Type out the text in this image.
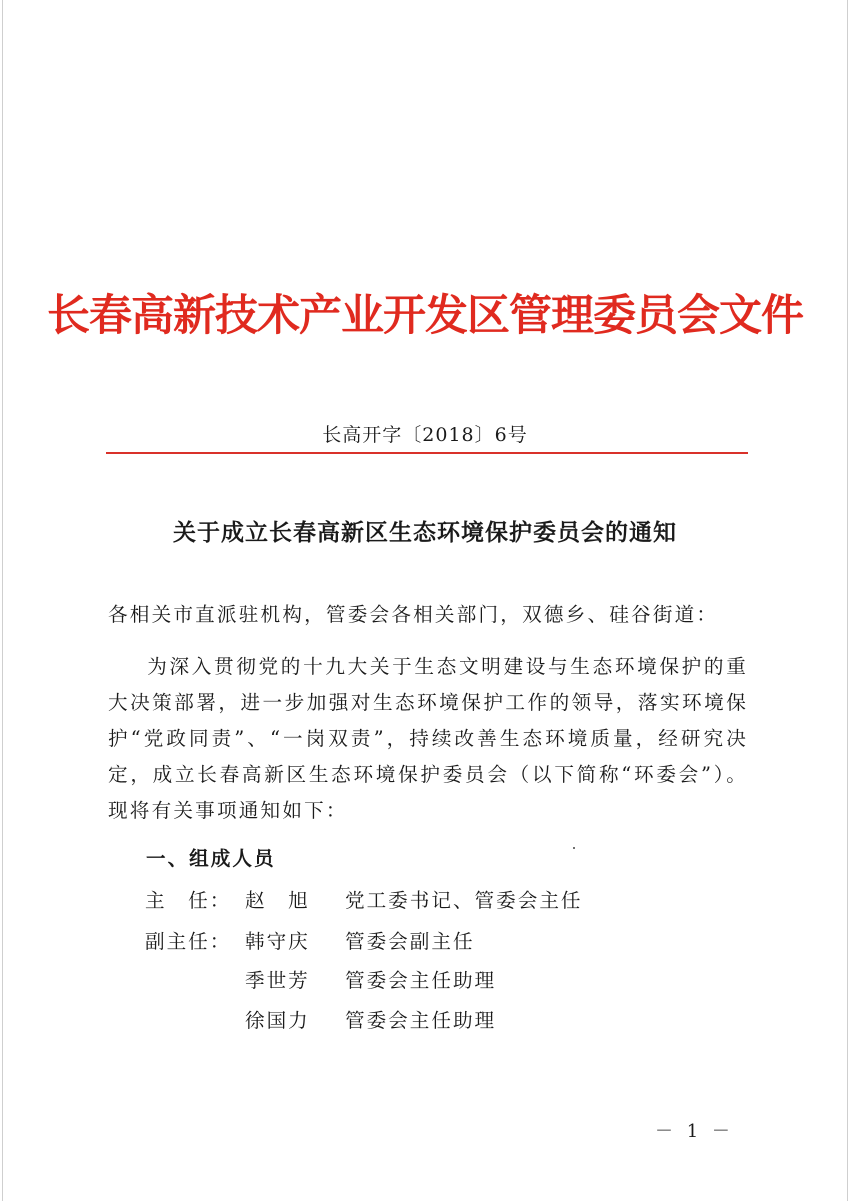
长春高新技术产业开发区管理委员会文件
长高开字〔2018〕6号
关于成立长春高新区生态环境保护委员会的通知
各相关市直派驻机构，管委会各相关部门，双德乡、硅谷街道：
为深入贯彻党的十九大关于生态文明建设与生态环境保护的重大决策部署，进一步加强对生态环境保护工作的领导，落实环境保护“党政同责”、“一岗双责”，持续改善生态环境质量，经研究决定，成立长春高新区生态环境保护委员会（以下简称“环委会”）。现将有关事项通知如下：
一、组成人员
主　任： 赵　旭 党工委书记、管委会主任
副主任： 韩守庆 管委会副主任
季世芳 管委会主任助理
徐国力 管委会主任助理
－ 1 －
